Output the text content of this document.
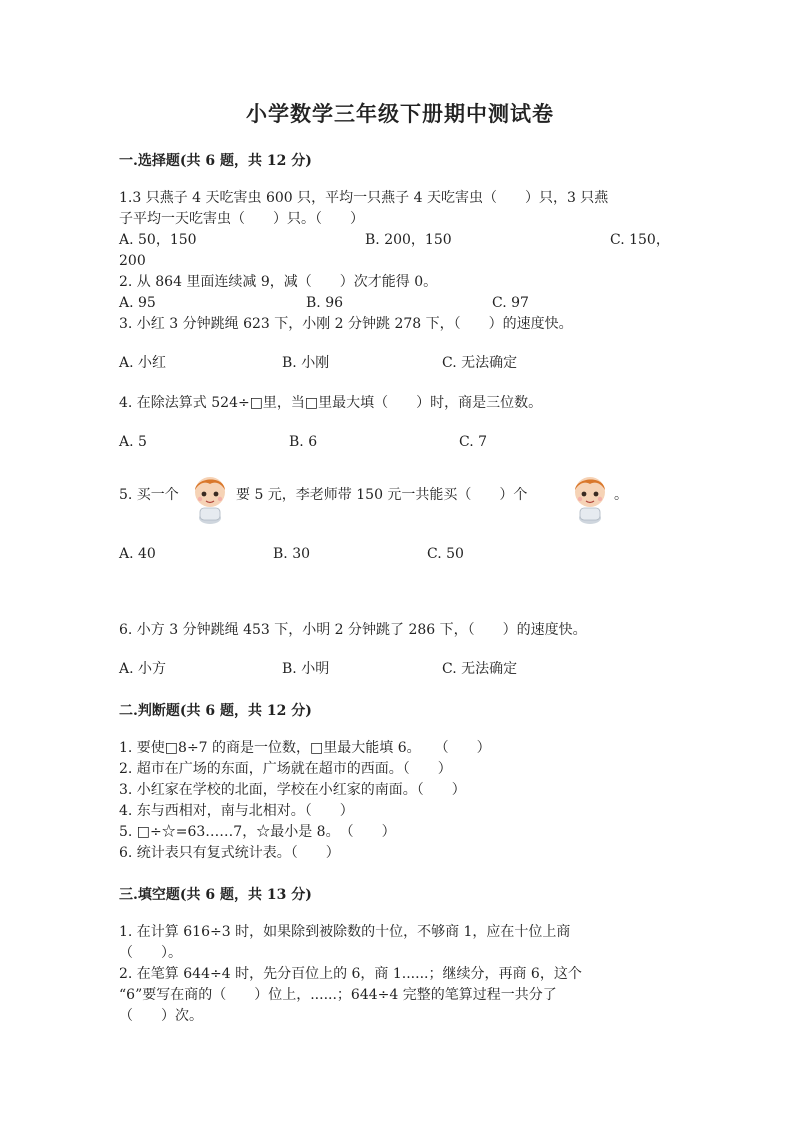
小学数学三年级下册期中测试卷
一.选择题(共 6 题，共 12 分)
1.3 只燕子 4 天吃害虫 600 只，平均一只燕子 4 天吃害虫（　　）只，3 只燕
子平均一天吃害虫（　　）只。（　　）
A. 50，150	B. 200，150	C. 150，
200
2. 从 864 里面连续减 9，减（　　）次才能得 0。
A. 95	B. 96	C. 97
3. 小红 3 分钟跳绳 623 下，小刚 2 分钟跳 278 下，（　　）的速度快。
A. 小红	B. 小刚	C. 无法确定
4. 在除法算式 524÷□里，当□里最大填（　　）时，商是三位数。
A. 5	B. 6	C. 7
5. 买一个	要 5 元，李老师带 150 元一共能买（　　）个	。
A. 40	B. 30	C. 50
6. 小方 3 分钟跳绳 453 下，小明 2 分钟跳了 286 下，（　　）的速度快。
A. 小方	B. 小明	C. 无法确定
二.判断题(共 6 题，共 12 分)
1. 要使□8÷7 的商是一位数，□里最大能填 6。　　（　　）
2. 超市在广场的东面，广场就在超市的西面。（　　）
3. 小红家在学校的北面，学校在小红家的南面。（　　）
4. 东与西相对，南与北相对。（　　）
5. □÷☆=63……7，☆最小是 8。　（　　）
6. 统计表只有复式统计表。（　　）
三.填空题(共 6 题，共 13 分)
1. 在计算 616÷3 时，如果除到被除数的十位，不够商 1，应在十位上商
（　　）。
2. 在笔算 644÷4 时，先分百位上的 6，商 1......；继续分，再商 6，这个
“6”要写在商的（　　）位上，......；644÷4 完整的笔算过程一共分了
（　　）次。
